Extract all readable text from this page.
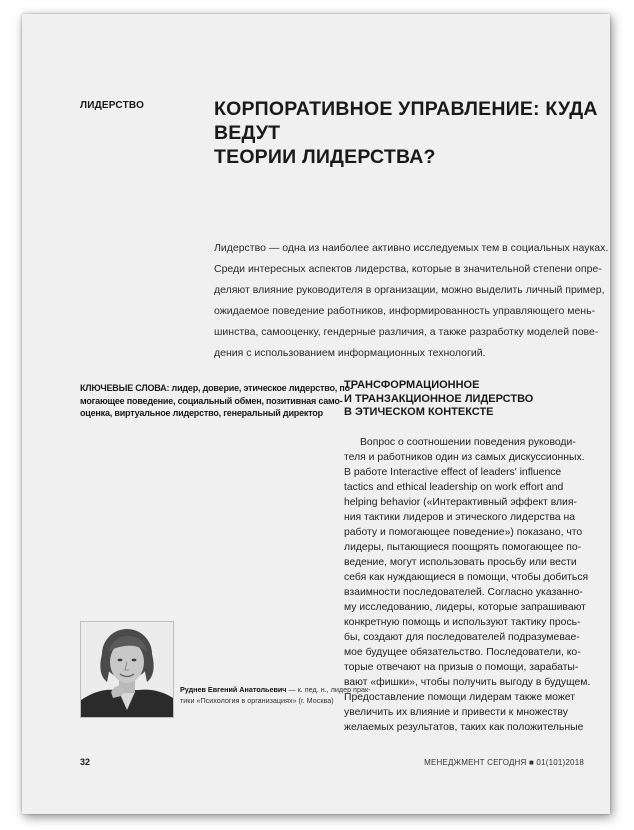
ЛИДЕРСТВО	КОРПОРАТИВНОЕ УПРАВЛЕНИЕ: КУДА ВЕДУТ
ТЕОРИИ ЛИДЕРСТВА?
Лидерство — одна из наиболее активно исследуемых тем в социальных науках.
Среди интересных аспектов лидерства, которые в значительной степени опре-
деляют влияние руководителя в организации, можно выделить личный пример,
ожидаемое поведение работников, информированность управляющего мень-
шинства, самооценку, гендерные различия, а также разработку моделей пове-
дения с использованием информационных технологий.
КЛЮЧЕВЫЕ СЛОВА: лидер, доверие, этическое лидерство, по-
могающее поведение, социальный обмен, позитивная само-
оценка, виртуальное лидерство, генеральный директор
ТРАНСФОРМАЦИОННОЕ
И ТРАНЗАКЦИОННОЕ ЛИДЕРСТВО
В ЭТИЧЕСКОМ КОНТЕКСТЕ
Вопрос о соотношении поведения руководи-
теля и работников один из самых дискуссионных.
В работе Interactive effect of leaders' influence
tactics and ethical leadership on work effort and
helping behavior («Интерактивный эффект влия-
ния тактики лидеров и этического лидерства на
работу и помогающее поведение») показано, что
лидеры, пытающиеся поощрять помогающее по-
ведение, могут использовать просьбу или вести
себя как нуждающиеся в помощи, чтобы добиться
взаимности последователей. Согласно указанно-
му исследованию, лидеры, которые запрашивают
конкретную помощь и используют тактику прось-
бы, создают для последователей подразумевае-
мое будущее обязательство. Последователи, ко-
торые отвечают на призыв о помощи, зарабаты-
вают «фишки», чтобы получить выгоду в будущем.
Предоставление помощи лидерам также может
увеличить их влияние и привести к множеству
желаемых результатов, таких как положительные
Руднев Евгений Анатольевич — к. пед. н., лидер прак-
тики «Психология в организациях» (г. Москва)
32	МЕНЕДЖМЕНТ СЕГОДНЯ ■ 01(101)2018
